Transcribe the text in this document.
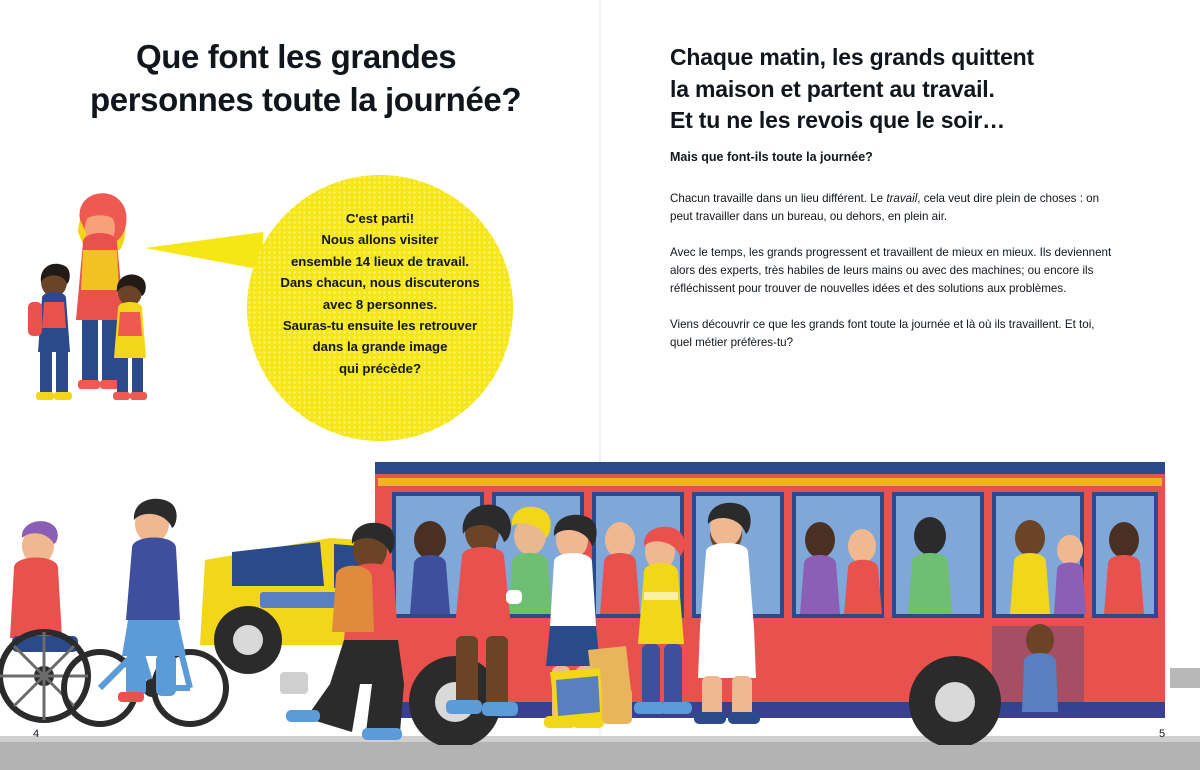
Que font les grandes
personnes toute la journée?
C'est parti!
Nous allons visiter
ensemble 14 lieux de travail.
Dans chacun, nous discuterons
avec 8 personnes.
Sauras-tu ensuite les retrouver
dans la grande image
qui précède?
Chaque matin, les grands quittent
la maison et partent au travail.
Et tu ne les revois que le soir…
Mais que font-ils toute la journée?

Chacun travaille dans un lieu différent. Le travail, cela veut dire plein de choses : on peut travailler dans un bureau, ou dehors, en plein air.

Avec le temps, les grands progressent et travaillent de mieux en mieux. Ils deviennent alors des experts, très habiles de leurs mains ou avec des machines; ou encore ils réfléchissent pour trouver de nouvelles idées et des solutions aux problèmes.

Viens découvrir ce que les grands font toute la journée et là où ils travaillent. Et toi, quel métier préfères-tu?

4	5
